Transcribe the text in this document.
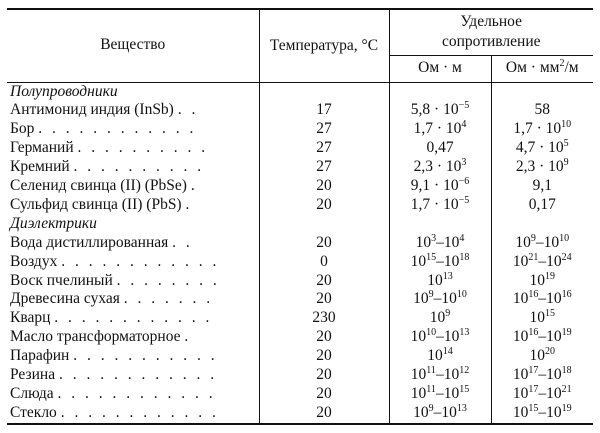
Вещество	Температура, °С	Удельное сопротивление	
		Ом · м	Ом · $мм^2/м$
Полупроводники			
Антимонид индия (InSb) . .	17	$5,8 \cdot 10^{-5}$	58
Бор . . . . . . . . . . . .	27	$1,7 \cdot 10^4$	$1,7 \cdot 10^{10}$
Германий . . . . . . . . . .	27	0,47	$4,7 \cdot 10^5$
Кремний . . . . . . . . . .	27	$2,3 \cdot 10^3$	$2,3 \cdot 10^9$
Селенид свинца (II) (PbSe) .	20	$9,1 \cdot 10^{-6}$	9,1
Сульфид свинца (II) (PbS) .	20	$1,7 \cdot 10^{-5}$	0,17
Диэлектрики			
Вода дистиллированная . .	20	$10^3-10^4$	$10^9-10^{10}$
Воздух . . . . . . . . . . . .	0	$10^{15}-10^{18}$	$10^{21}-10^{24}$
Воск пчелиный . . . . . . . .	20	$10^{13}$	$10^{19}$
Древесина сухая . . . . . . .	20	$10^9-10^{10}$	$10^{16}-10^{16}$
Кварц . . . . . . . . . . . .	230	$10^9$	$10^{15}$
Масло трансформаторное .	20	$10^{10}-10^{13}$	$10^{16}-10^{19}$
Парафин . . . . . . . . . . .	20	$10^{14}$	$10^{20}$
Резина . . . . . . . . . . . .	20	$10^{11}-10^{12}$	$10^{17}-10^{18}$
Слюда . . . . . . . . . . . .	20	$10^{11}-10^{15}$	$10^{17}-10^{21}$
Стекло . . . . . . . . . . . .	20	$10^9-10^{13}$	$10^{15}-10^{19}$
